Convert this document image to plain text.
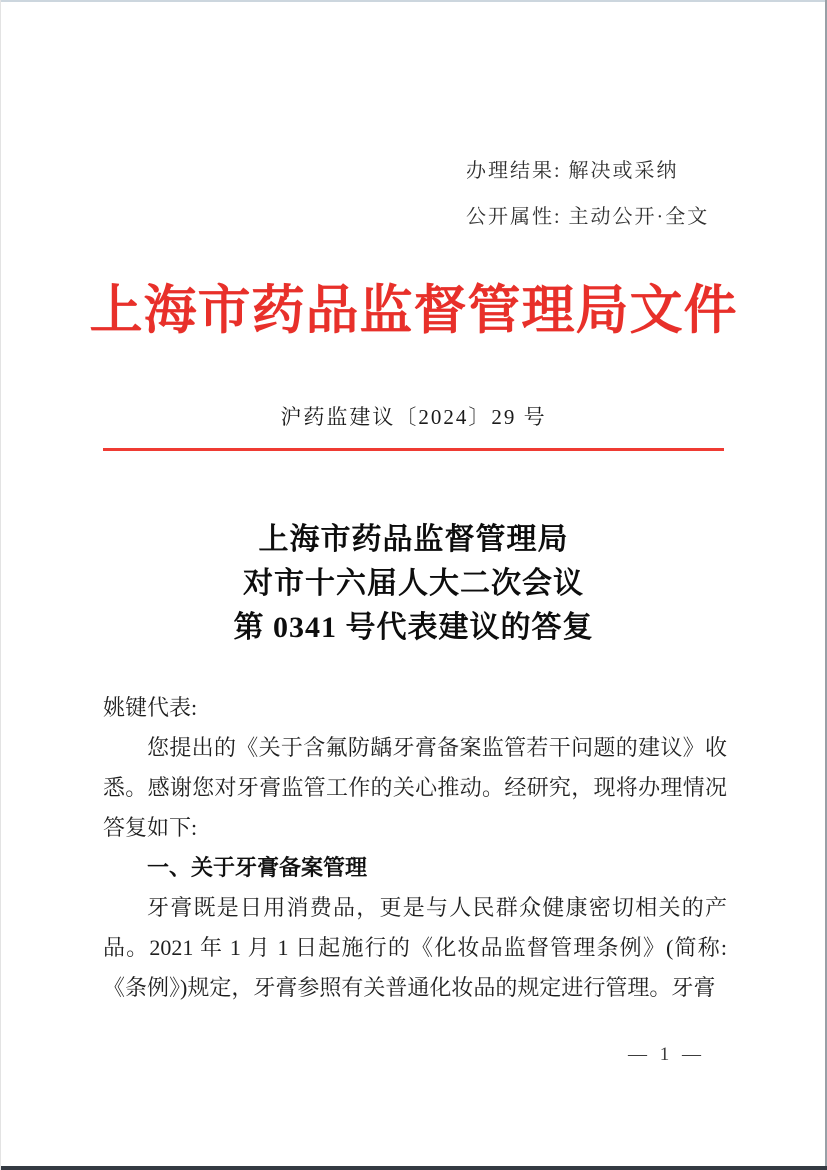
办理结果: 解决或采纳
公开属性: 主动公开·全文
上海市药品监督管理局文件
沪药监建议〔2024〕29 号
上海市药品监督管理局
对市十六届人大二次会议
第 0341 号代表建议的答复

姚键代表:

您提出的《关于含氟防龋牙膏备案监管若干问题的建议》收悉。感谢您对牙膏监管工作的关心推动。经研究，现将办理情况答复如下:

一、关于牙膏备案管理

牙膏既是日用消费品，更是与人民群众健康密切相关的产品。2021 年 1 月 1 日起施行的《化妆品监督管理条例》(简称:《条例》)规定，牙膏参照有关普通化妆品的规定进行管理。牙膏

— 1 —
